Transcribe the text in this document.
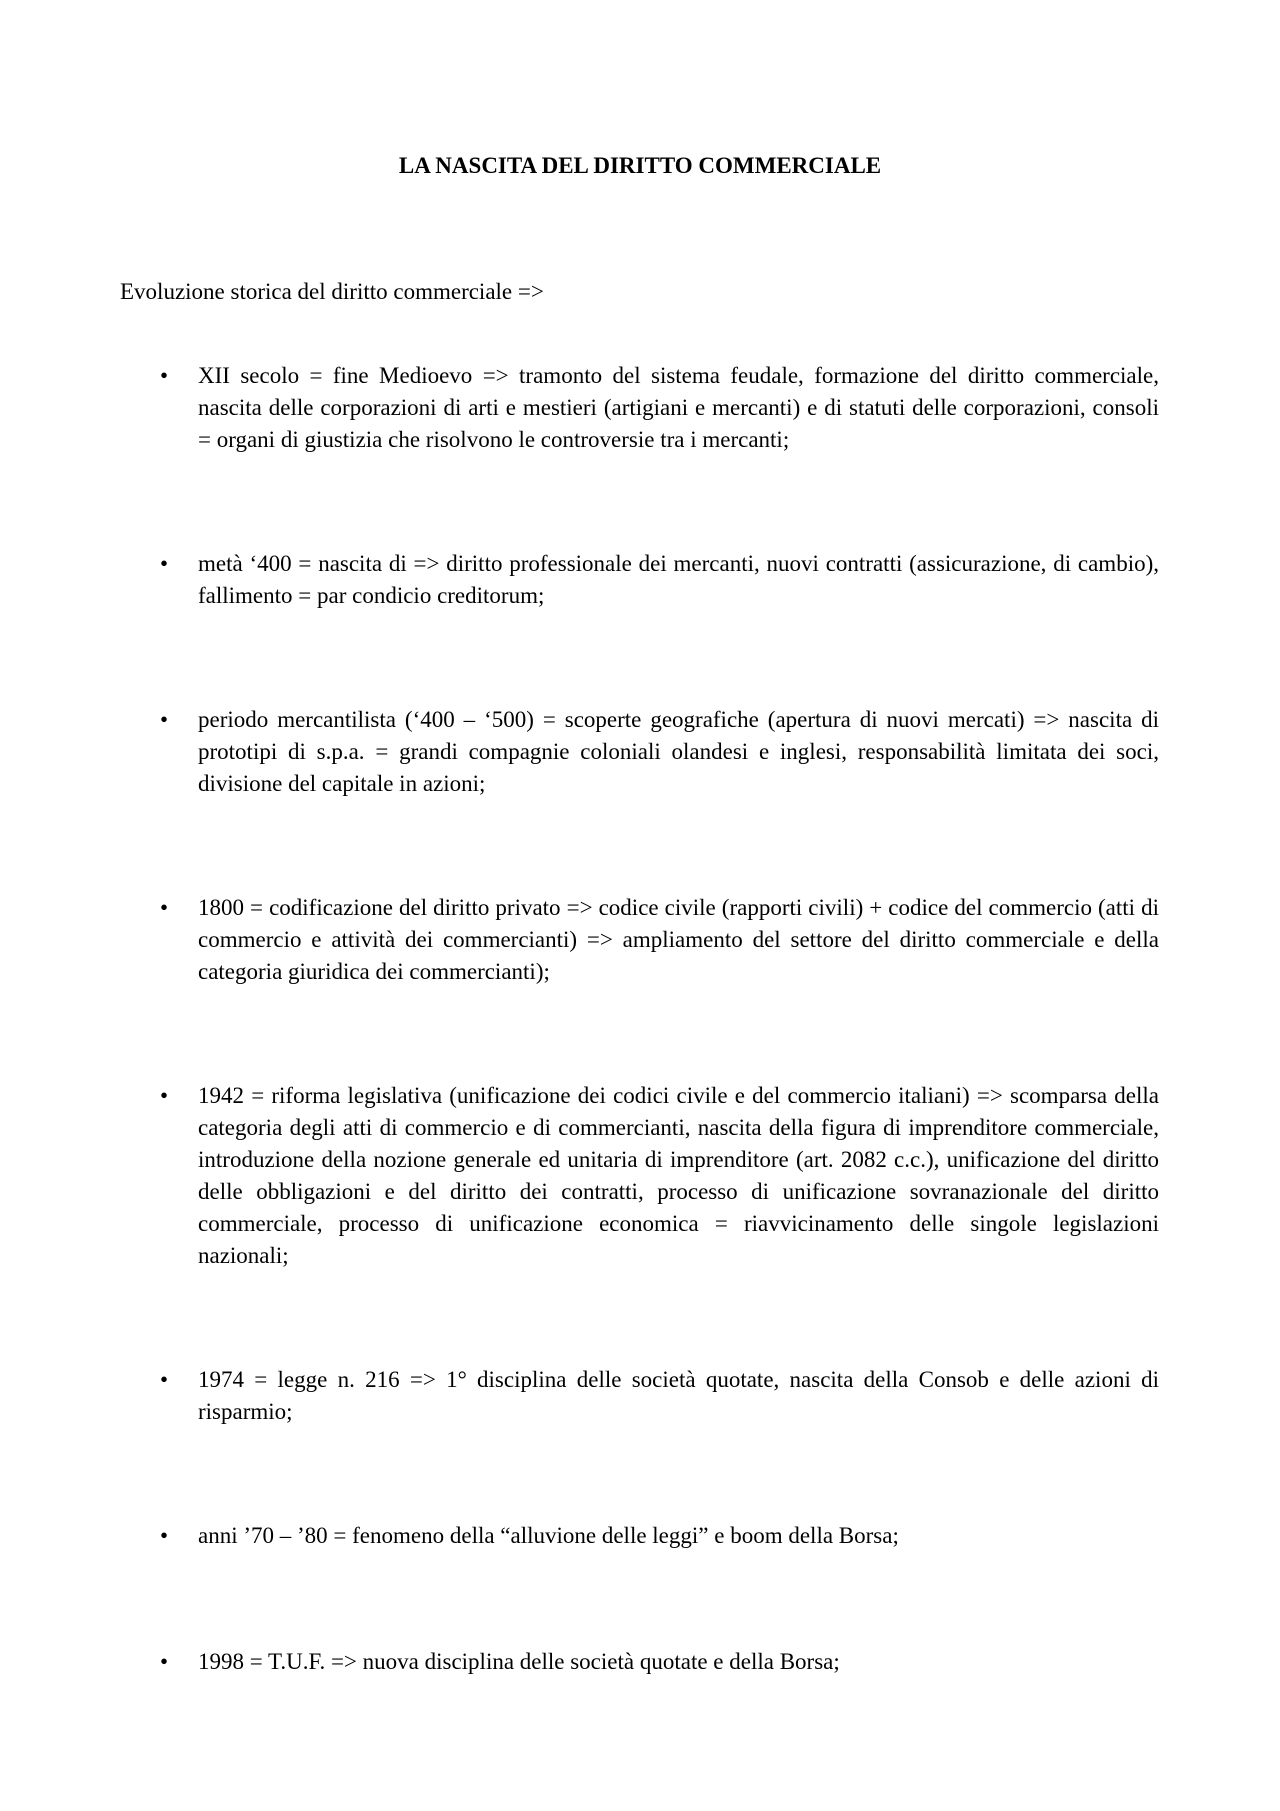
LA NASCITA DEL DIRITTO COMMERCIALE

Evoluzione storica del diritto commerciale =>

•	XII secolo = fine Medioevo => tramonto del sistema feudale, formazione del diritto commerciale, nascita delle corporazioni di arti e mestieri (artigiani e mercanti) e di statuti delle corporazioni, consoli = organi di giustizia che risolvono le controversie tra i mercanti;

•	metà ‘400 = nascita di => diritto professionale dei mercanti, nuovi contratti (assicurazione, di cambio), fallimento = par condicio creditorum;

•	periodo mercantilista (‘400 – ‘500) = scoperte geografiche (apertura di nuovi mercati) => nascita di prototipi di s.p.a. = grandi compagnie coloniali olandesi e inglesi, responsabilità limitata dei soci, divisione del capitale in azioni;

•	1800 = codificazione del diritto privato => codice civile (rapporti civili) + codice del commercio (atti di commercio e attività dei commercianti) => ampliamento del settore del diritto commerciale e della categoria giuridica dei commercianti);

•	1942 = riforma legislativa (unificazione dei codici civile e del commercio italiani) => scomparsa della categoria degli atti di commercio e di commercianti, nascita della figura di imprenditore commerciale, introduzione della nozione generale ed unitaria di imprenditore (art. 2082 c.c.), unificazione del diritto delle obbligazioni e del diritto dei contratti, processo di unificazione sovranazionale del diritto commerciale, processo di unificazione economica = riavvicinamento delle singole legislazioni nazionali;

•	1974 = legge n. 216 => 1° disciplina delle società quotate, nascita della Consob e delle azioni di risparmio;

•	anni ’70 – ’80 = fenomeno della “alluvione delle leggi” e boom della Borsa;

•	1998 = T.U.F. => nuova disciplina delle società quotate e della Borsa;
